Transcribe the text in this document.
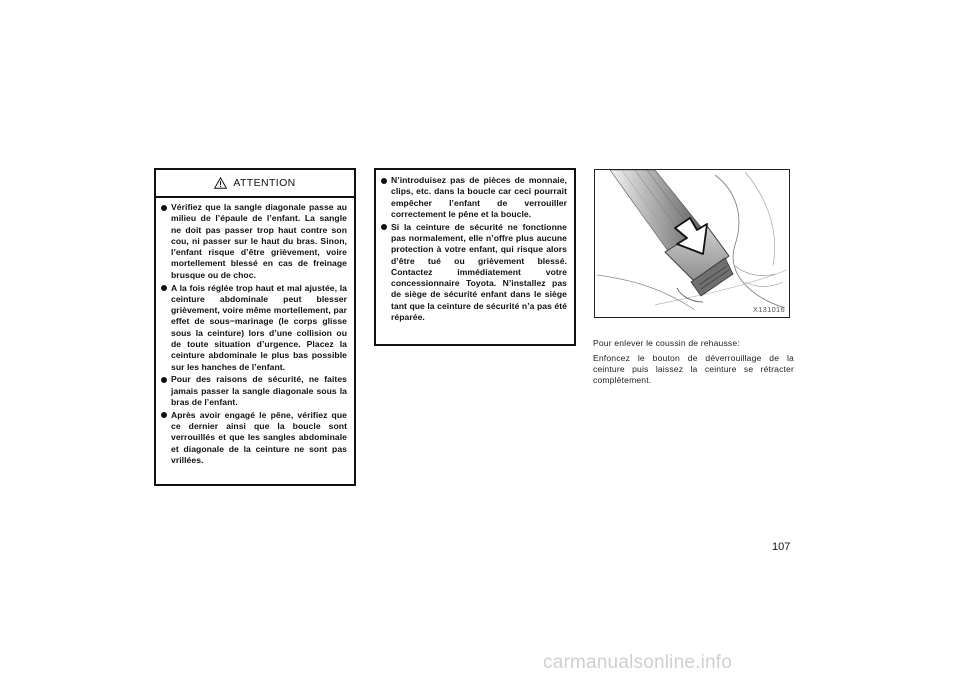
ATTENTION
Vérifiez que la sangle diagonale passe au milieu de l’épaule de l’enfant. La sangle ne doit pas passer trop haut contre son cou, ni passer sur le haut du bras. Sinon, l’enfant risque d’être grièvement, voire mortellement blessé en cas de freinage brusque ou de choc.
A la fois réglée trop haut et mal ajustée, la ceinture abdominale peut blesser grièvement, voire même mortellement, par effet de sous−marinage (le corps glisse sous la ceinture) lors d’une collision ou de toute situation d’urgence. Placez la ceinture abdominale le plus bas possible sur les hanches de l’enfant.
Pour des raisons de sécurité, ne faites jamais passer la sangle diagonale sous la bras de l’enfant.
Après avoir engagé le pêne, vérifiez que ce dernier ainsi que la boucle sont verrouillés et que les sangles abdominale et diagonale de la ceinture ne sont pas vrillées.
N’introduisez pas de pièces de monnaie, clips, etc. dans la boucle car ceci pourrait empêcher l’enfant de verrouiller correctement le pêne et la boucle.
Si la ceinture de sécurité ne fonctionne pas normalement, elle n’offre plus aucune protection à votre enfant, qui risque alors d’être tué ou grièvement blessé. Contactez immédiatement votre concessionnaire Toyota. N’installez pas de siège de sécurité enfant dans le siège tant que la ceinture de sécurité n’a pas été réparée.
X131016

Pour enlever le coussin de rehausse:

Enfoncez le bouton de déverrouillage de la ceinture puis laissez la ceinture se rétracter complètement.

107
carmanualsonline.info
